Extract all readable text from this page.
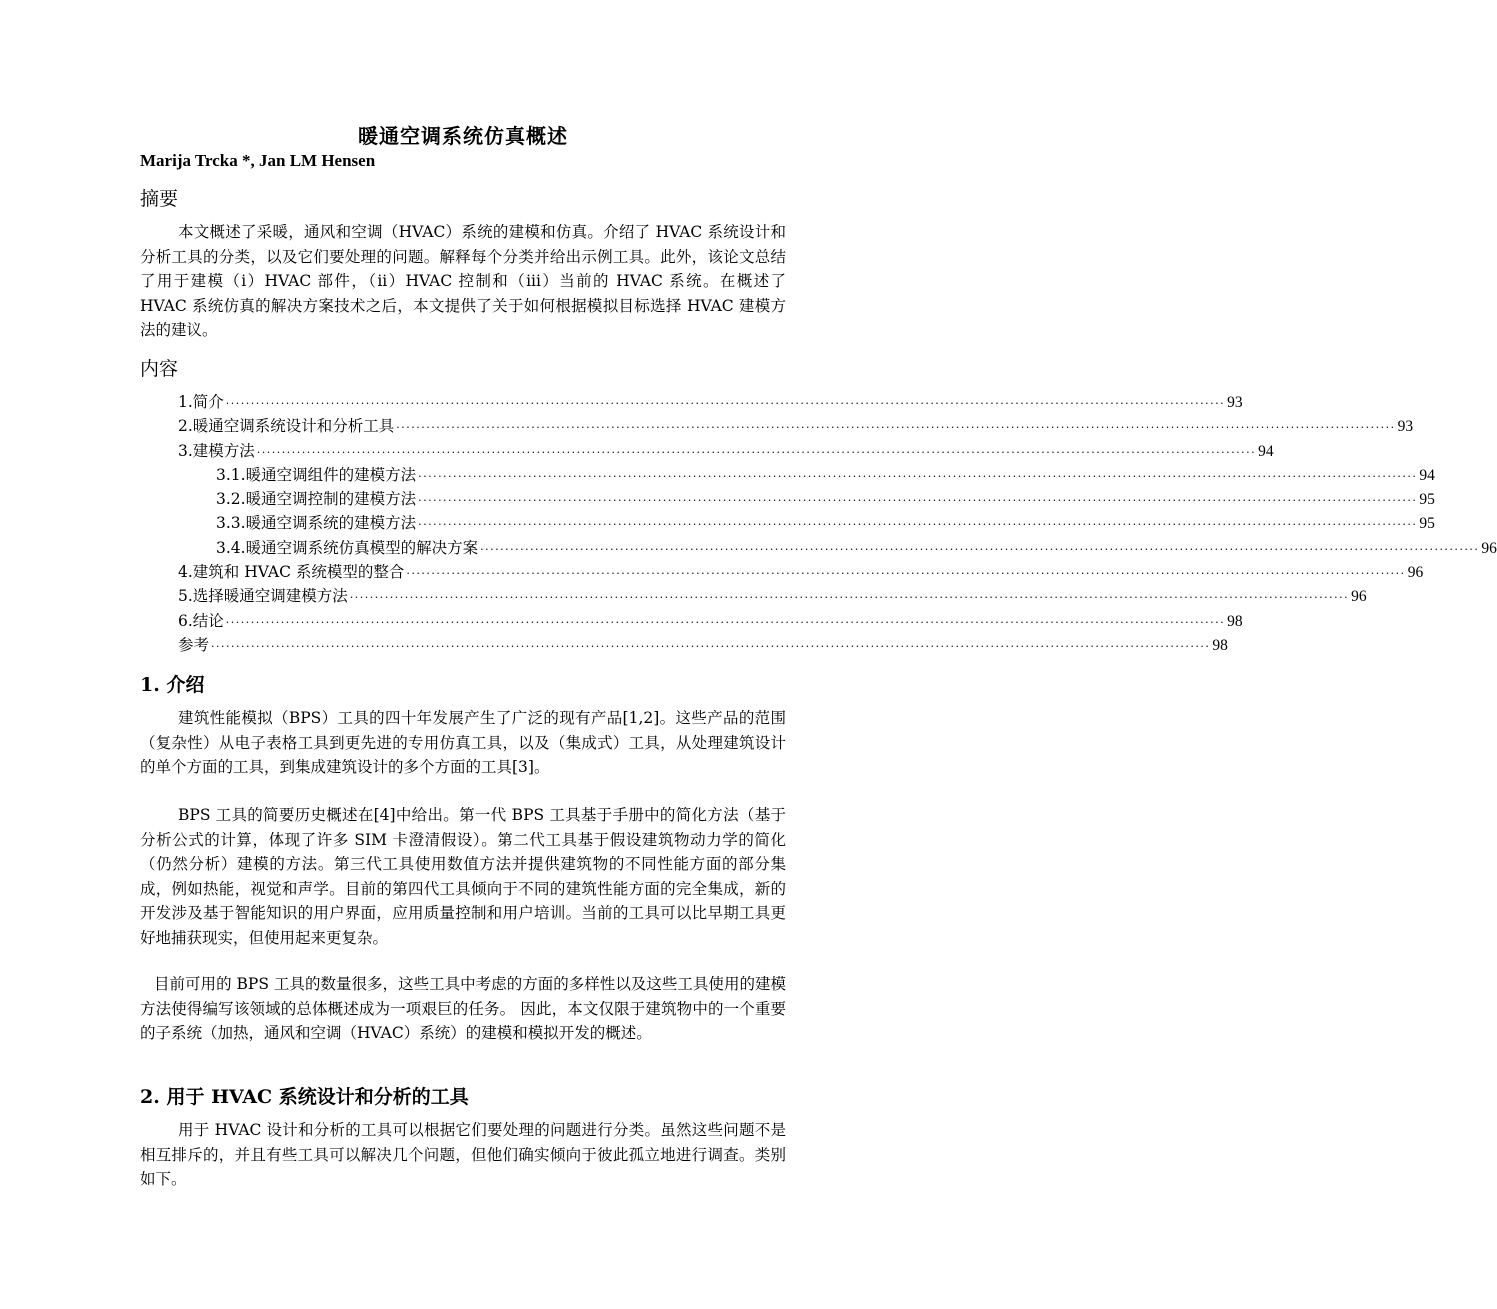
暖通空调系统仿真概述
Marija Trcka *, Jan LM Hensen
摘要

本文概述了采暖，通风和空调（HVAC）系统的建模和仿真。介绍了 HVAC 系统设计和分析工具的分类，以及它们要处理的问题。解释每个分类并给出示例工具。此外，该论文总结了用于建模（i）HVAC 部件，（ii）HVAC 控制和（iii）当前的 HVAC 系统。在概述了 HVAC 系统仿真的解决方案技术之后，本文提供了关于如何根据模拟目标选择 HVAC 建模方法的建议。

内容
1.简介 ········································································································································································································ 93
2.暖通空调系统设计和分析工具 ········································································································································································································ 93
3.建模方法 ········································································································································································································ 94
3.1.暖通空调组件的建模方法 ········································································································································································································ 94
3.2.暖通空调控制的建模方法 ········································································································································································································ 95
3.3.暖通空调系统的建模方法 ········································································································································································································ 95
3.4.暖通空调系统仿真模型的解决方案 ········································································································································································································ 96
4.建筑和 HVAC 系统模型的整合 ········································································································································································································ 96
5.选择暖通空调建模方法 ········································································································································································································ 96
6.结论 ········································································································································································································ 98
参考 ········································································································································································································ 98
1. 介绍

建筑性能模拟（BPS）工具的四十年发展产生了广泛的现有产品[1,2]。这些产品的范围（复杂性）从电子表格工具到更先进的专用仿真工具，以及（集成式）工具，从处理建筑设计的单个方面的工具，到集成建筑设计的多个方面的工具[3]。

BPS 工具的简要历史概述在[4]中给出。第一代 BPS 工具基于手册中的简化方法（基于分析公式的计算，体现了许多 SIM 卡澄清假设）。第二代工具基于假设建筑物动力学的简化（仍然分析）建模的方法。第三代工具使用数值方法并提供建筑物的不同性能方面的部分集成，例如热能，视觉和声学。目前的第四代工具倾向于不同的建筑性能方面的完全集成，新的开发涉及基于智能知识的用户界面，应用质量控制和用户培训。当前的工具可以比早期工具更好地捕获现实，但使用起来更复杂。

目前可用的 BPS 工具的数量很多，这些工具中考虑的方面的多样性以及这些工具使用的建模方法使得编写该领域的总体概述成为一项艰巨的任务。 因此，本文仅限于建筑物中的一个重要的子系统（加热，通风和空调（HVAC）系统）的建模和模拟开发的概述。

2. 用于 HVAC 系统设计和分析的工具

用于 HVAC 设计和分析的工具可以根据它们要处理的问题进行分类。虽然这些问题不是相互排斥的，并且有些工具可以解决几个问题，但他们确实倾向于彼此孤立地进行调查。类别如下。
